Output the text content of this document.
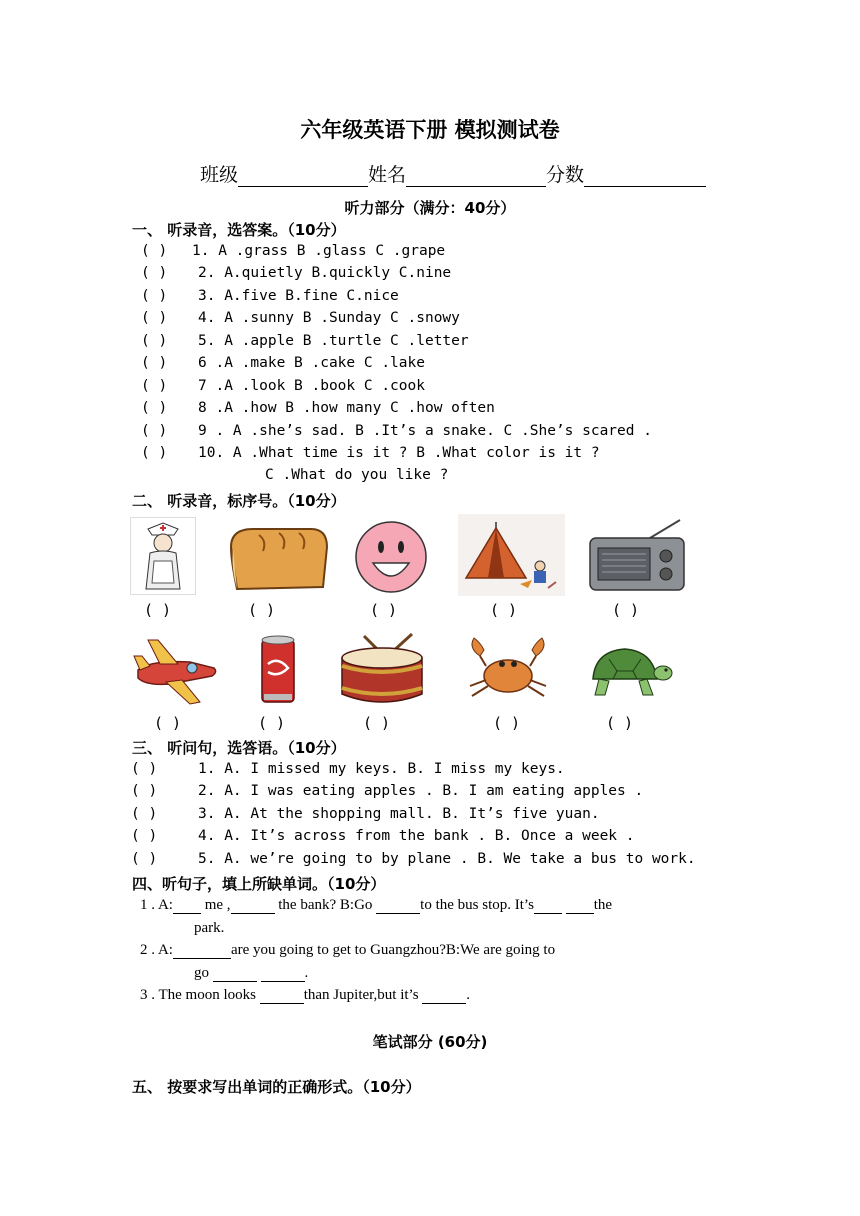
六年级英语下册 模拟测试卷
班级	姓名	分数
听力部分（满分：40分）
一、 听录音，选答案。（10分）
( ) 1. A .grass B .glass C .grape
( ) 2. A.quietly B.quickly C.nine
( ) 3. A.five B.fine C.nice
( ) 4. A .sunny B .Sunday C .snowy
( ) 5. A .apple B .turtle C .letter
( ) 6 .A .make B .cake C .lake
( ) 7 .A .look B .book C .cook
( ) 8 .A .how B .how many C .how often
( ) 9 . A .she’s sad. B .It’s a snake. C .She’s scared .
( ) 10. A .What time is it ? B .What color is it ?
C .What do you like ?
二、 听录音，标序号。（10分）
( )	( )	( )	( )	( )
( )	( )	( )	( )	( )
三、 听问句，选答语。（10分）
( )	1. A. I missed my keys. B. I miss my keys.
( )	2. A. I was eating apples . B. I am eating apples .
( )	3. A. At the shopping mall. B. It’s five yuan.
( )	4. A. It’s across from the bank . B. Once a week .
( )	5. A. we’re going to by plane . B. We take a bus to work.
四、听句子，填上所缺单词。（10分）
1 . A: me ,	the bank? B:Go	to the bus stop. It’s	the
park.
2 . A:	are you going to get to Guangzhou?B:We are going to
go	.
3 . The moon looks	than Jupiter,but it’s	.
笔试部分 (60分)
五、 按要求写出单词的正确形式。（10分）
